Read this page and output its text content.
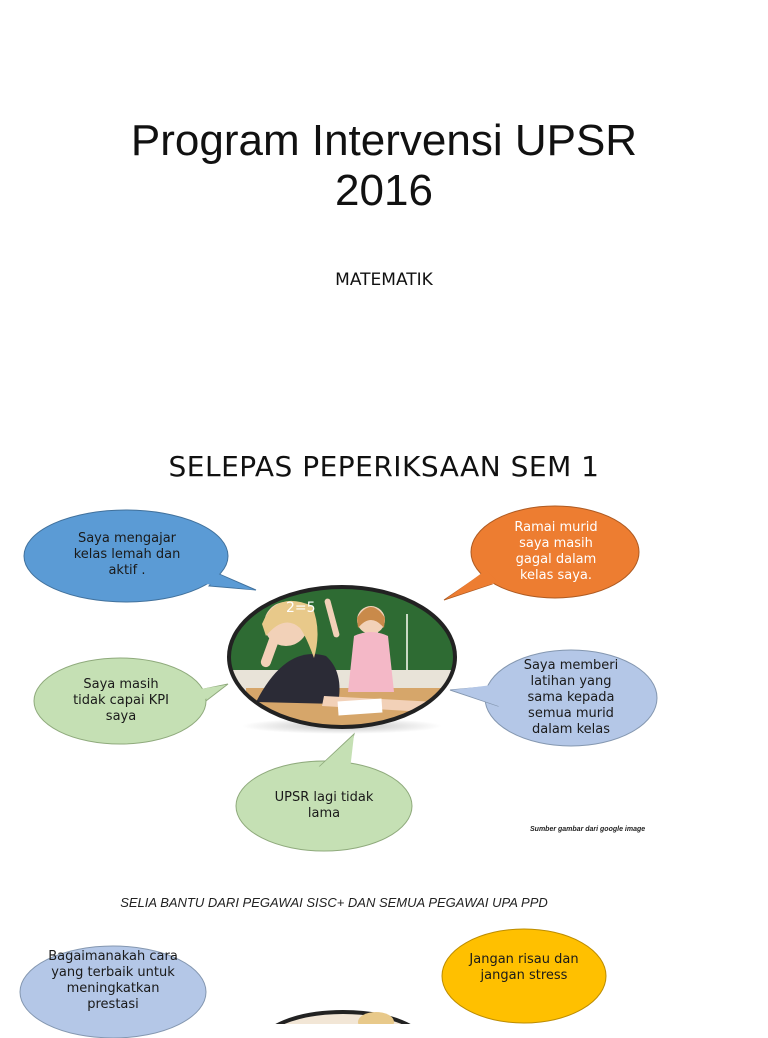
Program Intervensi UPSR
2016
MATEMATIK
SELEPAS PEPERIKSAAN SEM 1
Saya mengajar kelas lemah dan aktif .
Ramai murid saya masih gagal dalam kelas saya.
Saya masih tidak capai KPI saya
Saya memberi latihan yang sama kepada semua murid dalam kelas
UPSR lagi tidak lama
2=5
Sumber gambar dari google image
SELIA BANTU DARI PEGAWAI SISC+ DAN SEMUA PEGAWAI UPA PPD
Bagaimanakah cara yang terbaik untuk meningkatkan prestasi
Jangan risau dan jangan stress
